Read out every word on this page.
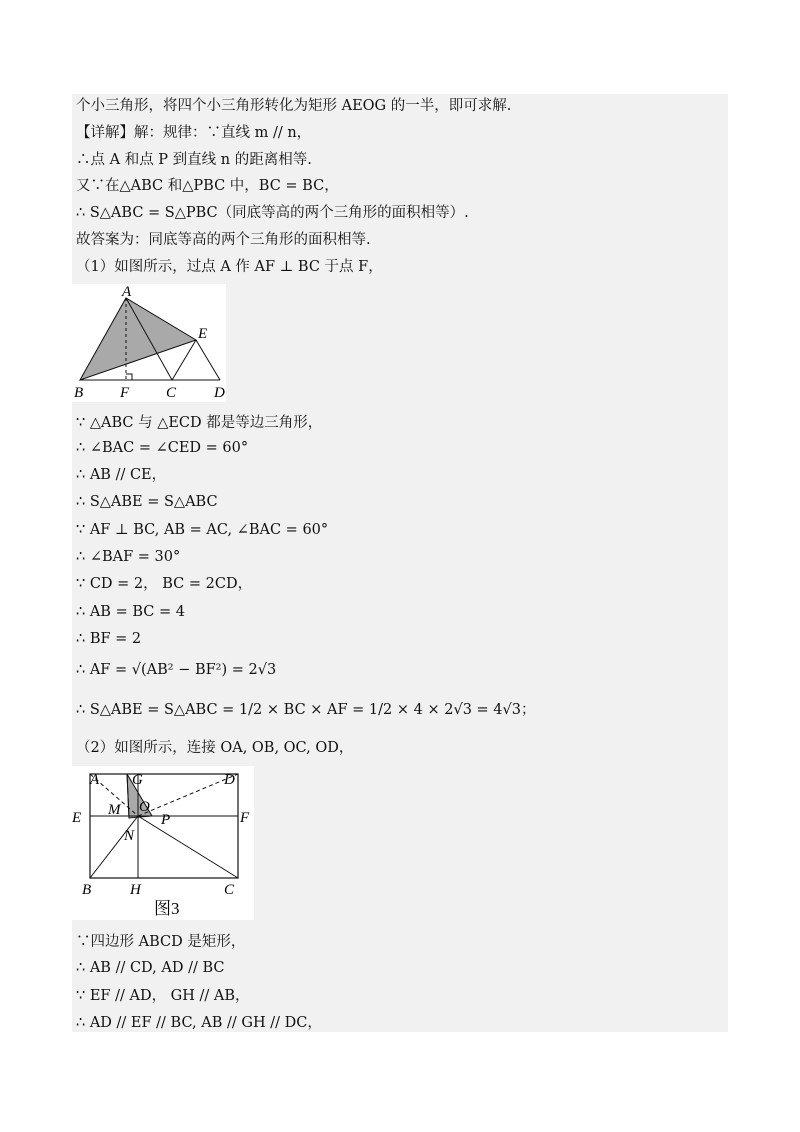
个小三角形，将四个小三角形转化为矩形 AEOG 的一半，即可求解.
【详解】解：规律：∵直线 m // n，
∴点 A 和点 P 到直线 n 的距离相等.
又∵在△ABC 和△PBC 中，BC = BC，
∴ S△ABC = S△PBC（同底等高的两个三角形的面积相等）.
故答案为：同底等高的两个三角形的面积相等.
（1）如图所示，过点 A 作 AF ⊥ BC 于点 F，
A
E
B F C	D
∵ △ABC 与 △ECD 都是等边三角形，
∴ ∠BAC = ∠CED = 60°
∴ AB // CE，
∴ S△ABE = S△ABC
∵ AF ⊥ BC, AB = AC, ∠BAC = 60°
∴ ∠BAF = 30°
∵ CD = 2， BC = 2CD，
∴ AB = BC = 4
∴ BF = 2
∴ AF = √(AB² − BF²) = 2√3
∴ S△ABE = S△ABC = 1/2 × BC × AF = 1/2 × 4 × 2√3 = 4√3；
（2）如图所示，连接 OA, OB, OC, OD，
A G	D
E	F
M O
P
N
B	H	C
图3
∵四边形 ABCD 是矩形，
∴ AB // CD, AD // BC
∵ EF // AD， GH // AB，
∴ AD // EF // BC, AB // GH // DC，
